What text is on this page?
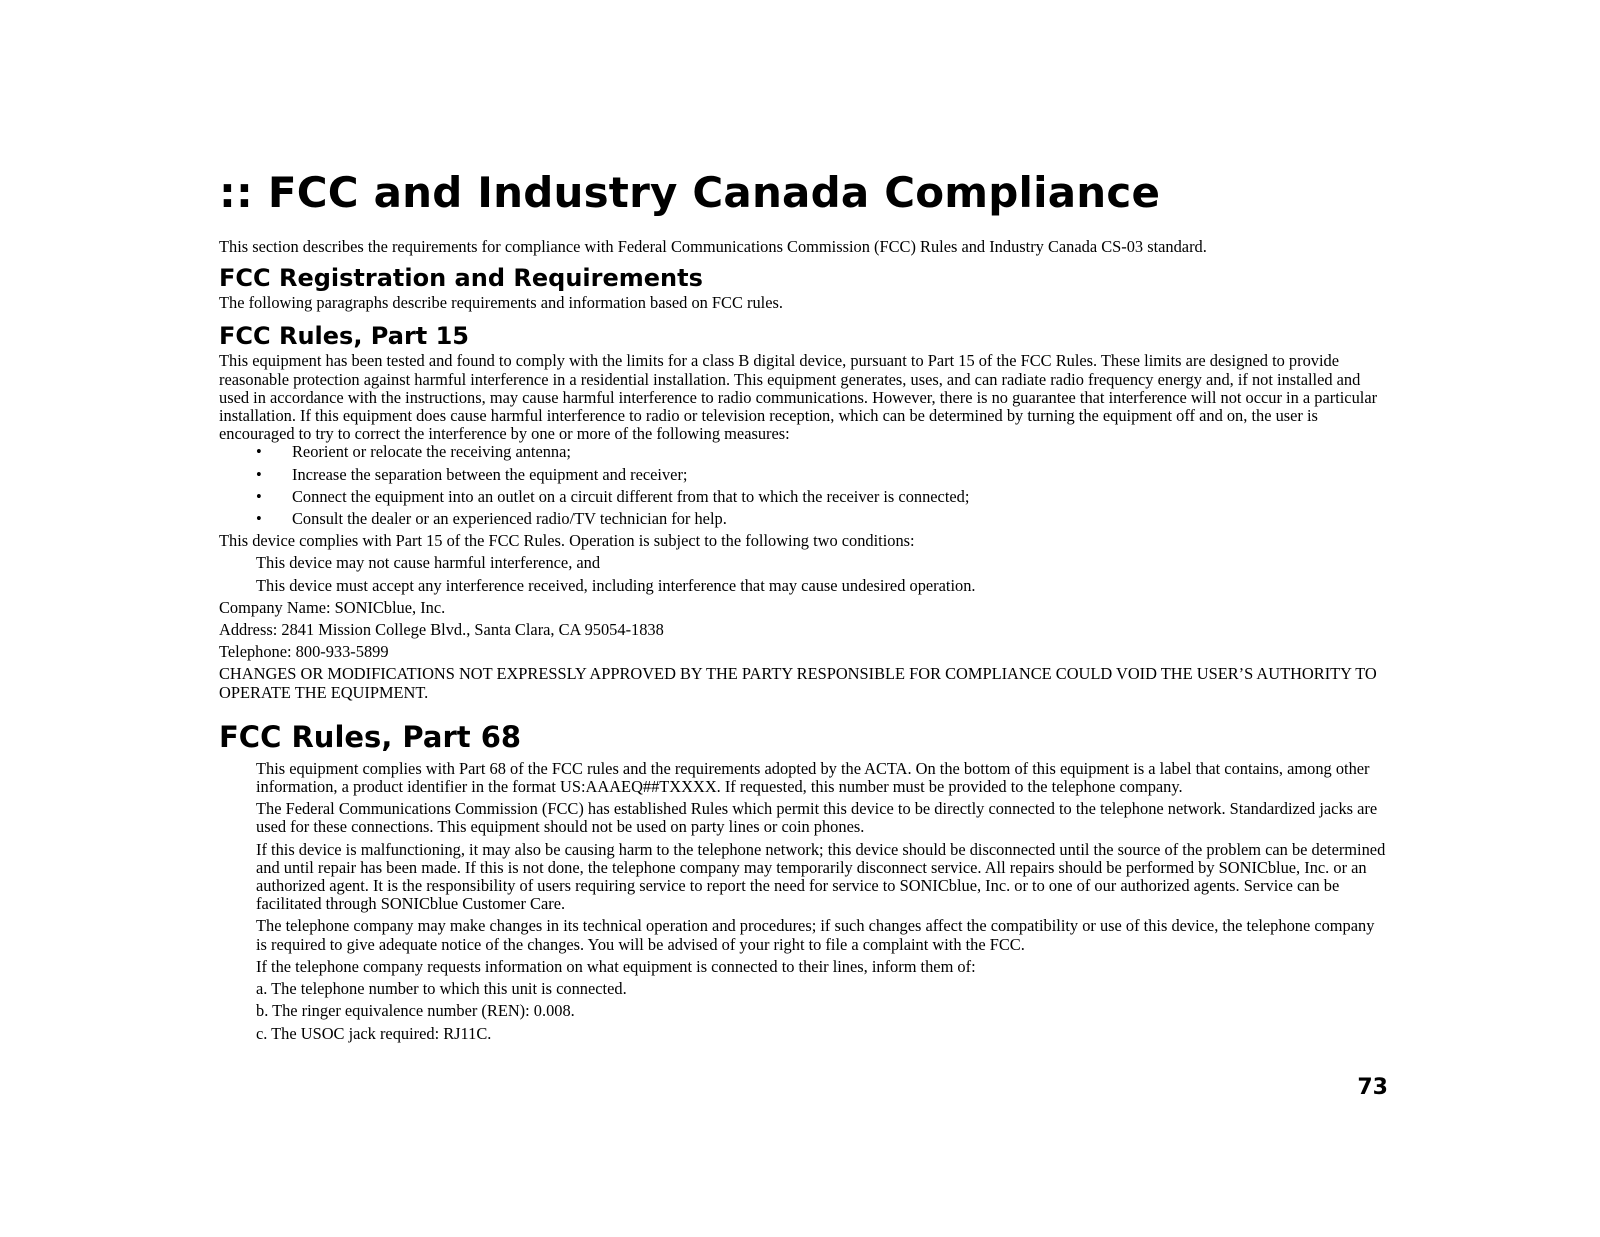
:: FCC and Industry Canada Compliance

This section describes the requirements for compliance with Federal Communications Commission (FCC) Rules and Industry Canada CS-03 standard.

FCC Registration and Requirements

The following paragraphs describe requirements and information based on FCC rules.

FCC Rules, Part 15

This equipment has been tested and found to comply with the limits for a class B digital device, pursuant to Part 15 of the FCC Rules. These limits are designed to provide reasonable protection against harmful interference in a residential installation. This equipment generates, uses, and can radiate radio frequency energy and, if not installed and used in accordance with the instructions, may cause harmful interference to radio communications. However, there is no guarantee that interference will not occur in a particular installation. If this equipment does cause harmful interference to radio or television reception, which can be determined by turning the equipment off and on, the user is encouraged to try to correct the interference by one or more of the following measures:

• Reorient or relocate the receiving antenna;
• Increase the separation between the equipment and receiver;
• Connect the equipment into an outlet on a circuit different from that to which the receiver is connected;
• Consult the dealer or an experienced radio/TV technician for help.

This device complies with Part 15 of the FCC Rules. Operation is subject to the following two conditions:

This device may not cause harmful interference, and

This device must accept any interference received, including interference that may cause undesired operation.

Company Name: SONICblue, Inc.

Address: 2841 Mission College Blvd., Santa Clara, CA 95054-1838

Telephone: 800-933-5899

CHANGES OR MODIFICATIONS NOT EXPRESSLY APPROVED BY THE PARTY RESPONSIBLE FOR COMPLIANCE COULD VOID THE USER’S AUTHORITY TO OPERATE THE EQUIPMENT.

FCC Rules, Part 68

This equipment complies with Part 68 of the FCC rules and the requirements adopted by the ACTA. On the bottom of this equipment is a label that contains, among other information, a product identifier in the format US:AAAEQ##TXXXX. If requested, this number must be provided to the telephone company.

The Federal Communications Commission (FCC) has established Rules which permit this device to be directly connected to the telephone network. Standardized jacks are used for these connections. This equipment should not be used on party lines or coin phones.

If this device is malfunctioning, it may also be causing harm to the telephone network; this device should be disconnected until the source of the problem can be determined and until repair has been made. If this is not done, the telephone company may temporarily disconnect service. All repairs should be performed by SONICblue, Inc. or an authorized agent. It is the responsibility of users requiring service to report the need for service to SONICblue, Inc. or to one of our authorized agents. Service can be facilitated through SONICblue Customer Care.

The telephone company may make changes in its technical operation and procedures; if such changes affect the compatibility or use of this device, the telephone company is required to give adequate notice of the changes. You will be advised of your right to file a complaint with the FCC.

If the telephone company requests information on what equipment is connected to their lines, inform them of:

a. The telephone number to which this unit is connected.

b. The ringer equivalence number (REN): 0.008.

c. The USOC jack required: RJ11C.

73
